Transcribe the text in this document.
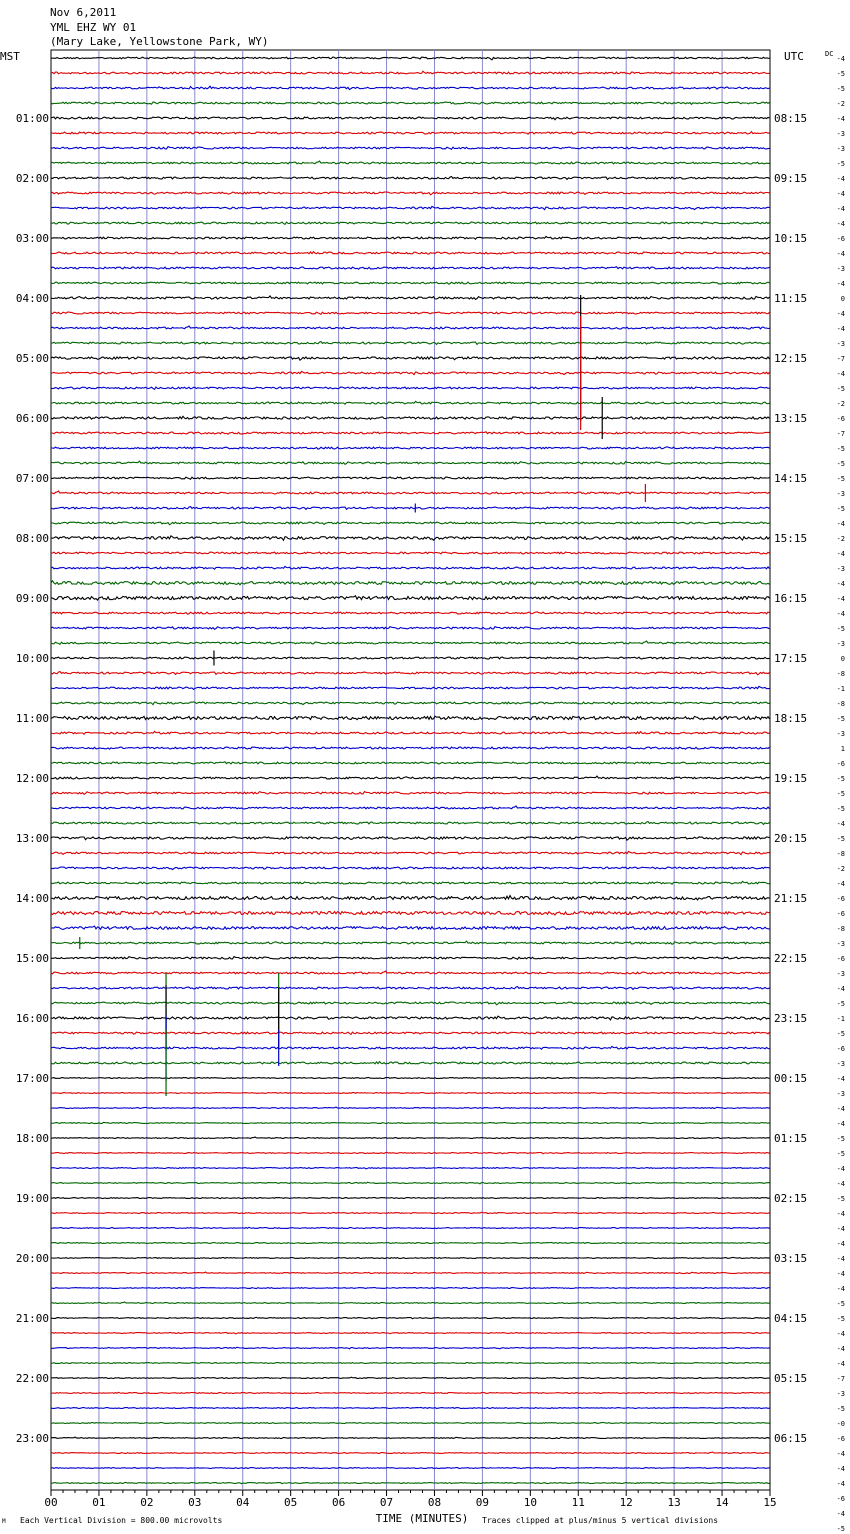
Nov 6,2011
YML EHZ WY 01
(Mary Lake, Yellowstone Park, WY)
DC
01:00
02:00
03:00
04:00
05:00
06:00
07:00
08:00
09:00
10:00
11:00
12:00
13:00
14:00
15:00
16:00
17:00
18:00
19:00
20:00
21:00
22:00
23:00
08:15
09:15
10:15
11:15
12:15
13:15
14:15
15:15
16:15
17:15
18:15
19:15
20:15
21:15
22:15
23:15
00:15
01:15
02:15
03:15
04:15
05:15
06:15
MST	UTC	-4
-5
-5
-2
-4
-3
-3
-5
-4
-4
-4
-4
-6
-4
-3
-4
0
-4
-4
-3
-7
-4
-5
-2
-6
-7
-5
-5
-5
-3
-5
-4
-2
-4
-3
-4
-4
-4
-5
-3
0
-8
-1
-8
-5
-3
1
-6
-5
-5
-5
-4
-5
-8
-2
-4
-6
-6
-8
-3
-6
-3
-4
-5
-1
-5
-6
-3
-4
-3
-4
-4
-5
-5
-4
-4
-5
-4
-4
-4
-4
-4
-4
-5
-5
-4
-4
-4
-7
-3
-5
-0
-6
-4
-4
-4
-6
-4
-5
00	01	02	03	04	05	06	07	08	09	10	11	12	13	14	15
M Each Vertical Division = 800.00 microvolts	TIME (MINUTES) Traces clipped at plus/minus 5 vertical divisions
